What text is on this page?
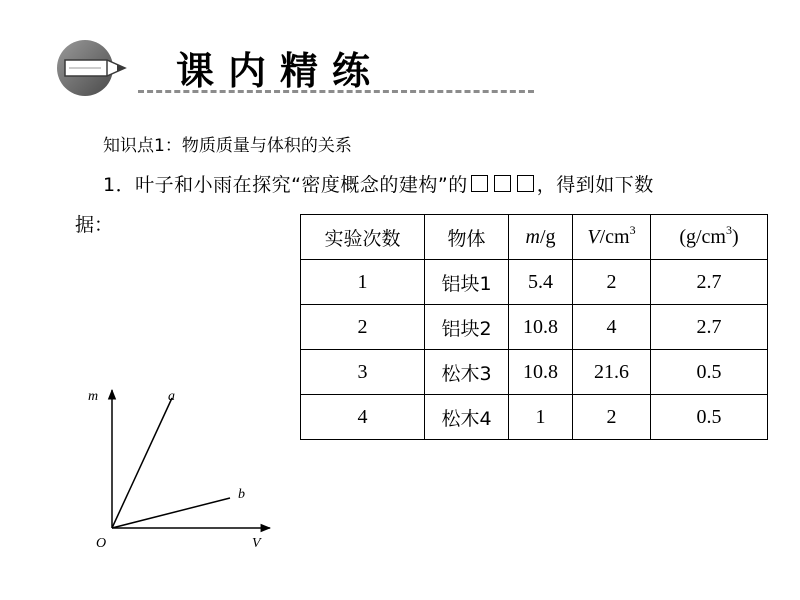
课内精练
知识点1：物质质量与体积的关系
1．叶子和小雨在探究“密度概念的建构”的	，得到如下数
据：
实验次数	物体	m/g	$V/cm^3$	$(g/cm^3)$
1	铝块1	5.4	2	2.7
2	铝块2	10.8	4	2.7
3	松木3	10.8	21.6	0.5
4	松木4	1	2	0.5
m
V
O
a
b
